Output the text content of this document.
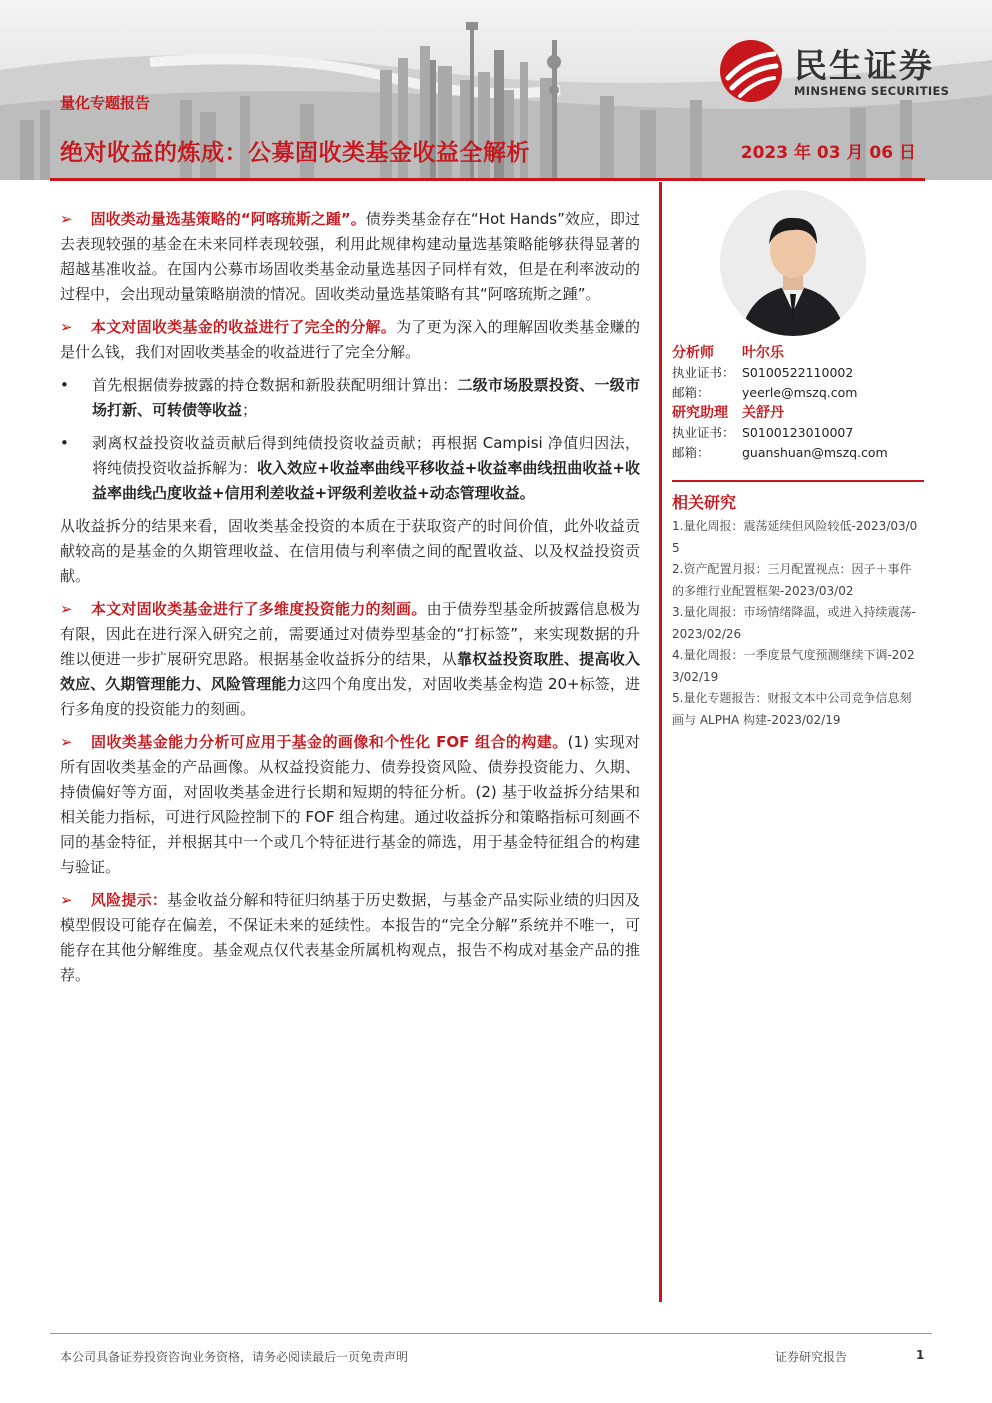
量化专题报告
绝对收益的炼成：公募固收类基金收益全解析	2023 年 03 月 06 日
民生证券
MINSHENG SECURITIES

➢ 固收类动量选基策略的“阿喀琉斯之踵”。债券类基金存在“Hot Hands”效应，即过去表现较强的基金在未来同样表现较强，利用此规律构建动量选基策略能够获得显著的超越基准收益。在国内公募市场固收类基金动量选基因子同样有效，但是在利率波动的过程中，会出现动量策略崩溃的情况。固收类动量选基策略有其“阿喀琉斯之踵”。

➢ 本文对固收类基金的收益进行了完全的分解。为了更为深入的理解固收类基金赚的是什么钱，我们对固收类基金的收益进行了完全分解。

• 首先根据债券披露的持仓数据和新股获配明细计算出：二级市场股票投资、一级市场打新、可转债等收益；
• 剥离权益投资收益贡献后得到纯债投资收益贡献；再根据 Campisi 净值归因法，将纯债投资收益拆解为：收入效应+收益率曲线平移收益+收益率曲线扭曲收益+收益率曲线凸度收益+信用利差收益+评级利差收益+动态管理收益。

从收益拆分的结果来看，固收类基金投资的本质在于获取资产的时间价值，此外收益贡献较高的是基金的久期管理收益、在信用债与利率债之间的配置收益、以及权益投资贡献。

➢ 本文对固收类基金进行了多维度投资能力的刻画。由于债券型基金所披露信息极为有限，因此在进行深入研究之前，需要通过对债券型基金的“打标签”，来实现数据的升维以便进一步扩展研究思路。根据基金收益拆分的结果，从靠权益投资取胜、提高收入效应、久期管理能力、风险管理能力这四个角度出发，对固收类基金构造 20+标签，进行多角度的投资能力的刻画。

➢ 固收类基金能力分析可应用于基金的画像和个性化 FOF 组合的构建。(1) 实现对所有固收类基金的产品画像。从权益投资能力、债券投资风险、债券投资能力、久期、持债偏好等方面，对固收类基金进行长期和短期的特征分析。(2) 基于收益拆分结果和相关能力指标，可进行风险控制下的 FOF 组合构建。通过收益拆分和策略指标可刻画不同的基金特征，并根据其中一个或几个特征进行基金的筛选，用于基金特征组合的构建与验证。

➢ 风险提示：基金收益分解和特征归纳基于历史数据，与基金产品实际业绩的归因及模型假设可能存在偏差，不保证未来的延续性。本报告的“完全分解”系统并不唯一，可能存在其他分解维度。基金观点仅代表基金所属机构观点，报告不构成对基金产品的推荐。

分析师 叶尔乐
执业证书： S0100522110002
邮箱：	yeerle@mszq.com
研究助理 关舒丹
执业证书： S0100123010007
邮箱：	guanshuan@mszq.com
相关研究
1.量化周报：震荡延续但风险较低-2023/03/05
2.资产配置月报：三月配置视点：因子＋事件的多维行业配置框架-2023/03/02
3.量化周报：市场情绪降温，或进入持续震荡-2023/02/26
4.量化周报：一季度景气度预测继续下调-2023/02/19
5.量化专题报告：财报文本中公司竞争信息刻画与 ALPHA 构建-2023/02/19
本公司具备证券投资咨询业务资格，请务必阅读最后一页免责声明	证券研究报告	1
